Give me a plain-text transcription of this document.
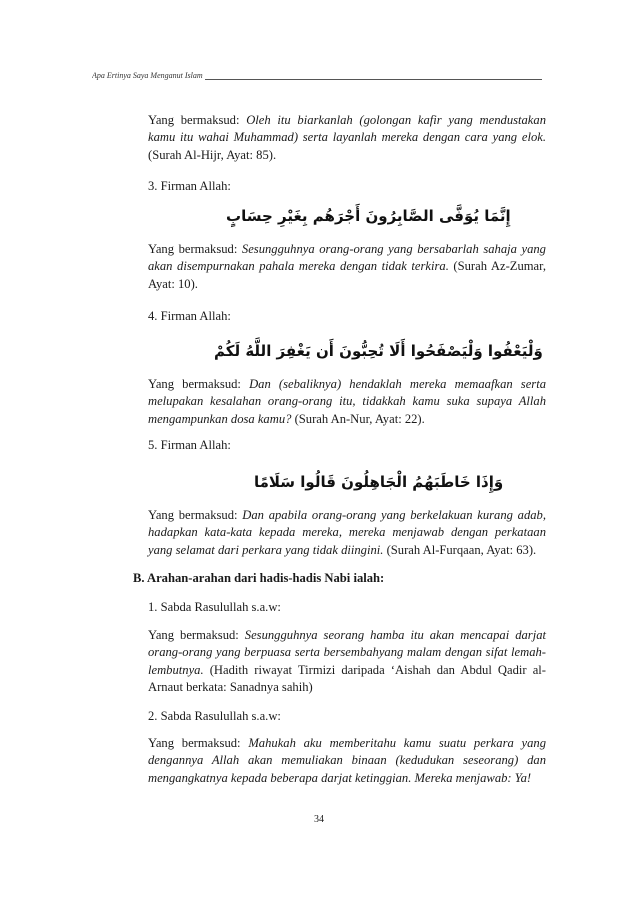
Apa Ertinya Saya Menganut Islam
Yang bermaksud: Oleh itu biarkanlah (golongan kafir yang mendustakan kamu itu wahai Muhammad) serta layanlah mereka dengan cara yang elok. (Surah Al-Hijr, Ayat: 85).
3. Firman Allah:
إِنَّمَا يُوَفَّى الصَّابِرُونَ أَجْرَهُم بِغَيْرِ حِسَابٍ
Yang bermaksud: Sesungguhnya orang-orang yang bersabarlah sahaja yang akan disempurnakan pahala mereka dengan tidak terkira. (Surah Az-Zumar, Ayat: 10).
4. Firman Allah:
وَلْيَعْفُوا وَلْيَصْفَحُوا أَلَا تُحِبُّونَ أَن يَغْفِرَ اللَّهُ لَكُمْ
Yang bermaksud: Dan (sebaliknya) hendaklah mereka memaafkan serta melupakan kesalahan orang-orang itu, tidakkah kamu suka supaya Allah mengampunkan dosa kamu? (Surah An-Nur, Ayat: 22).
5. Firman Allah:
وَإِذَا خَاطَبَهُمُ الْجَاهِلُونَ قَالُوا سَلَامًا
Yang bermaksud: Dan apabila orang-orang yang berkelakuan kurang adab, hadapkan kata-kata kepada mereka, mereka menjawab dengan perkataan yang selamat dari perkara yang tidak diingini. (Surah Al-Furqaan, Ayat: 63).
B. Arahan-arahan dari hadis-hadis Nabi ialah:
1. Sabda Rasulullah s.a.w:
Yang bermaksud: Sesungguhnya seorang hamba itu akan mencapai darjat orang-orang yang berpuasa serta bersembahyang malam dengan sifat lemah-lembutnya. (Hadith riwayat Tirmizi daripada ‘Aishah dan Abdul Qadir al-Arnaut berkata: Sanadnya sahih)
2. Sabda Rasulullah s.a.w:
Yang bermaksud: Mahukah aku memberitahu kamu suatu perkara yang dengannya Allah akan memuliakan binaan (kedudukan seseorang) dan mengangkatnya kepada beberapa darjat ketinggian. Mereka menjawab: Ya!
34
